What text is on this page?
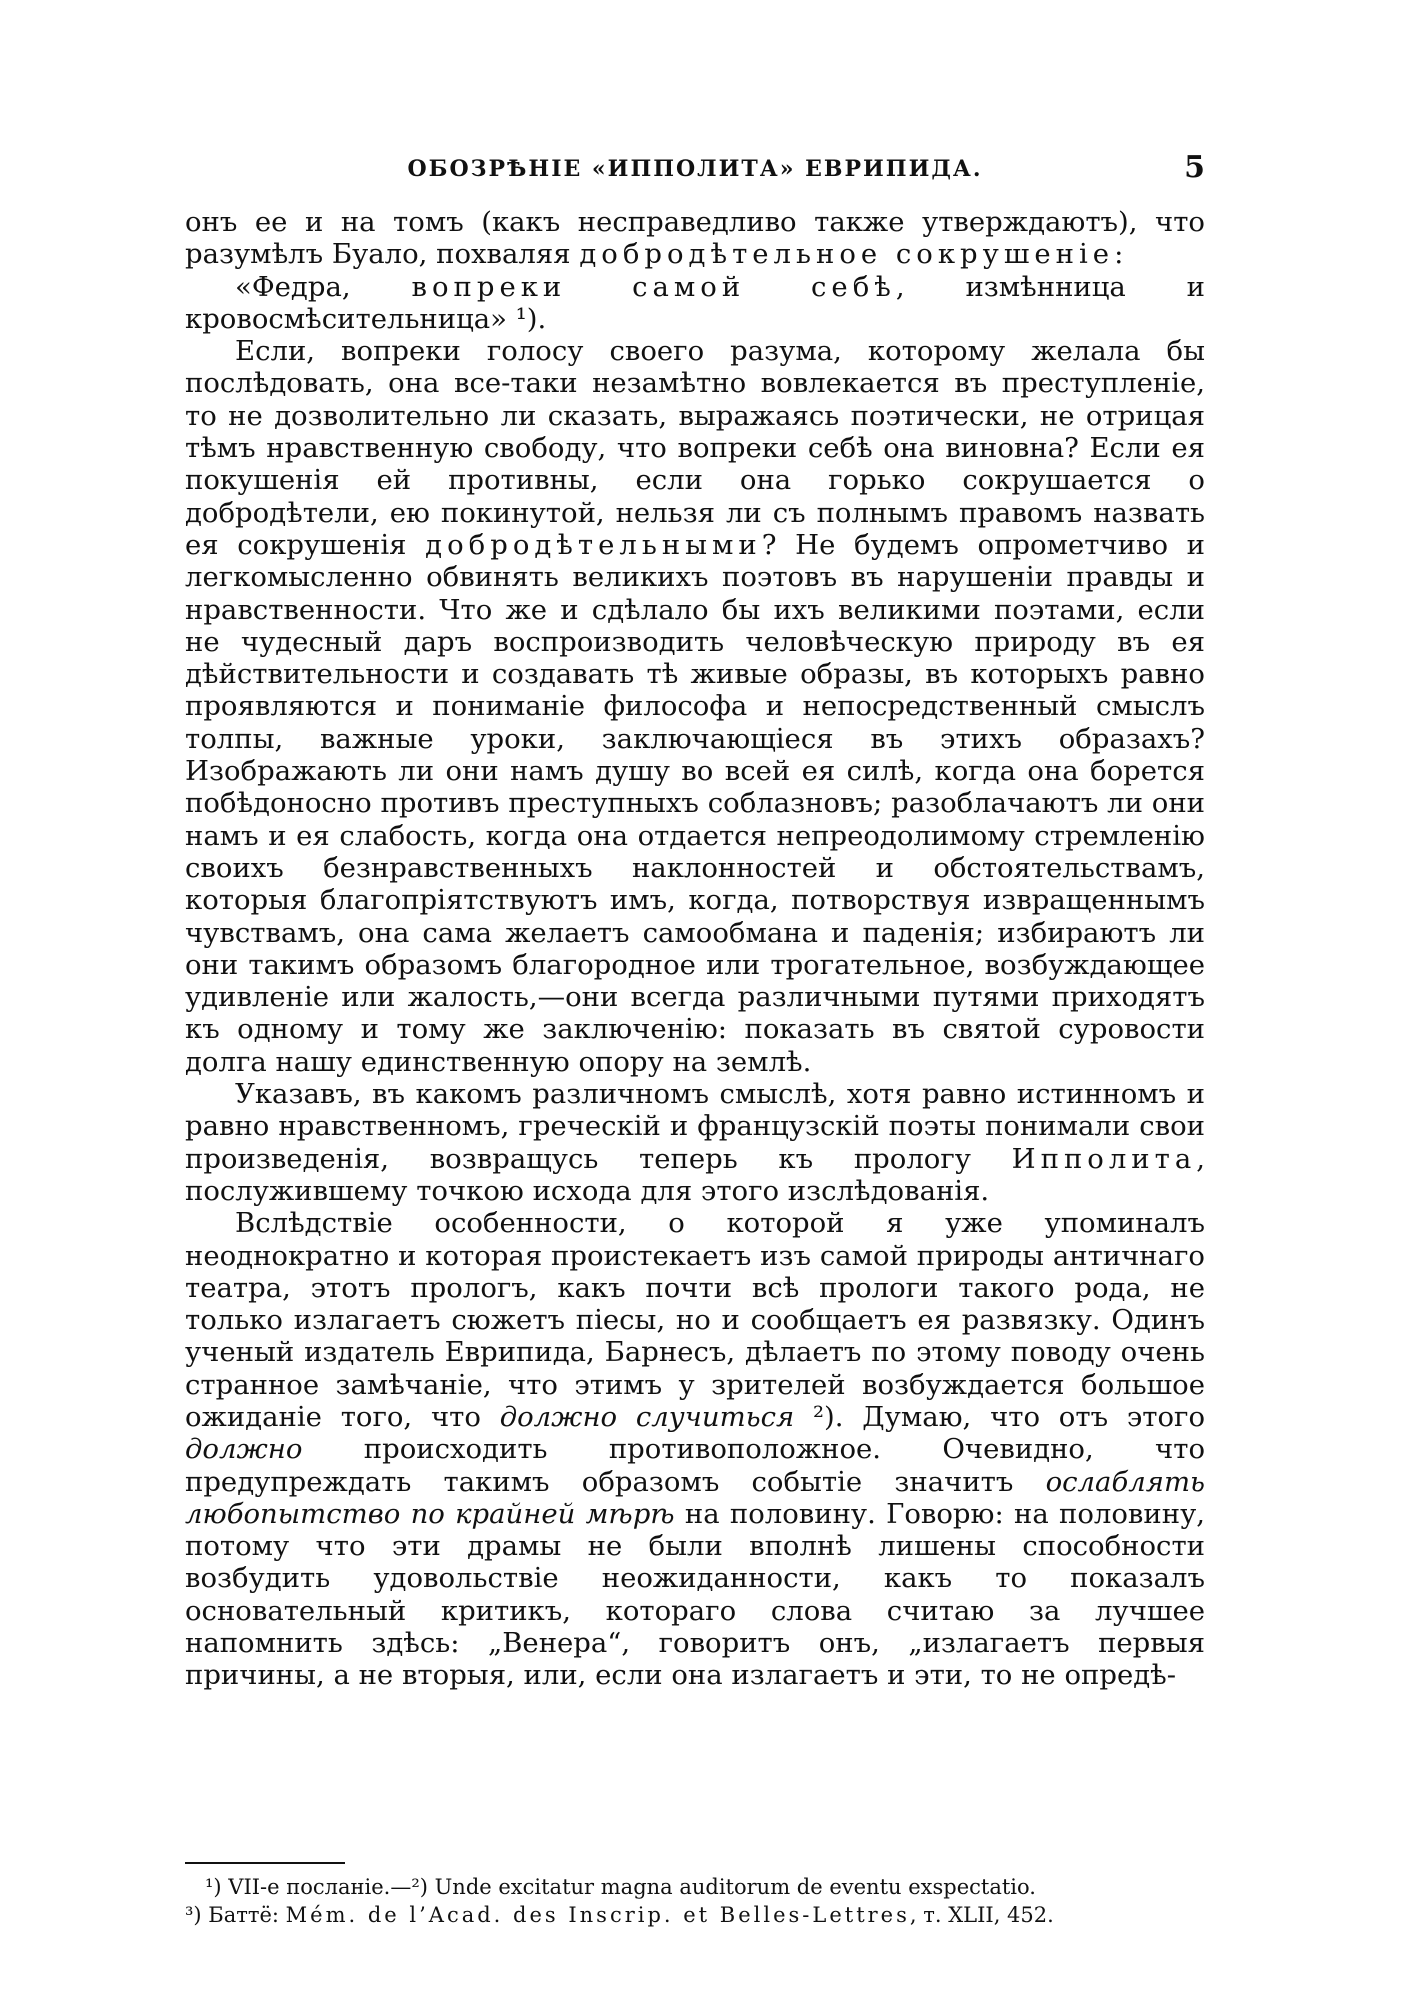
ОБОЗРѢНІЕ «ИППОЛИТА» ЕВРИПИДА.	5

онъ ее и на томъ (какъ несправедливо также утверждаютъ), что разумѣлъ Буало, похваляя добродѣтельное сокрушеніе:

«Федра, вопреки самой себѣ, измѣнница и кровосмѣсительница» ¹).

Если, вопреки голосу своего разума, которому желала бы послѣдовать, она все-таки незамѣтно вовлекается въ преступленіе, то не дозволительно ли сказать, выражаясь поэтически, не отрицая тѣмъ нравственную свободу, что вопреки себѣ она виновна? Если ея покушенія ей противны, если она горько сокрушается о добродѣтели, ею покинутой, нельзя ли съ полнымъ правомъ назвать ея сокрушенія добродѣтельными? Не будемъ опрометчиво и легкомысленно обвинять великихъ поэтовъ въ нарушеніи правды и нравственности. Что же и сдѣлало бы ихъ великими поэтами, если не чудесный даръ воспроизводить человѣческую природу въ ея дѣйствительности и создавать тѣ живые образы, въ которыхъ равно проявляются и пониманіе философа и непосредственный смыслъ толпы, важные уроки, заключающіеся въ этихъ образахъ? Изображають ли они намъ душу во всей ея силѣ, когда она борется побѣдоносно противъ преступныхъ соблазновъ; разоблачаютъ ли они намъ и ея слабость, когда она отдается непреодолимому стремленію своихъ безнравственныхъ наклонностей и обстоятельствамъ, которыя благопріятствуютъ имъ, когда, потворствуя извращеннымъ чувствамъ, она сама желаетъ самообмана и паденія; избираютъ ли они такимъ образомъ благородное или трогательное, возбуждающее удивленіе или жалость,—они всегда различными путями приходятъ къ одному и тому же заключенію: показать въ святой суровости долга нашу единственную опору на землѣ.

Указавъ, въ какомъ различномъ смыслѣ, хотя равно истинномъ и равно нравственномъ, греческій и французскій поэты понимали свои произведенія, возвращусь теперь къ прологу Ипполита, послужившему точкою исхода для этого изслѣдованія.

Вслѣдствіе особенности, о которой я уже упоминалъ неоднократно и которая проистекаетъ изъ самой природы античнаго театра, этотъ прологъ, какъ почти всѣ прологи такого рода, не только излагаетъ сюжетъ піесы, но и сообщаетъ ея развязку. Одинъ ученый издатель Еврипида, Барнесъ, дѣлаетъ по этому поводу очень странное замѣчаніе, что этимъ у зрителей возбуждается большое ожиданіе того, что должно случиться ²). Думаю, что отъ этого должно происходить противоположное. Очевидно, что предупреждать такимъ образомъ событіе значитъ ослаблять любопытство по крайней мѣрѣ на половину. Говорю: на половину, потому что эти драмы не были вполнѣ лишены способности возбудить удовольствіе неожиданности, какъ то показалъ основательный критикъ, котораго слова считаю за лучшее напомнить здѣсь: „Венера“, говоритъ онъ, „излагаетъ первыя причины, а не вторыя, или, если она излагаетъ и эти, то не опредѣ-

¹) VII-е посланіе.—²) Unde excitatur magna auditorum de eventu exspectatio.

³) Баттё: Mém. de l’Acad. des Inscrip. et Belles-Lettres, т. XLII, 452.
